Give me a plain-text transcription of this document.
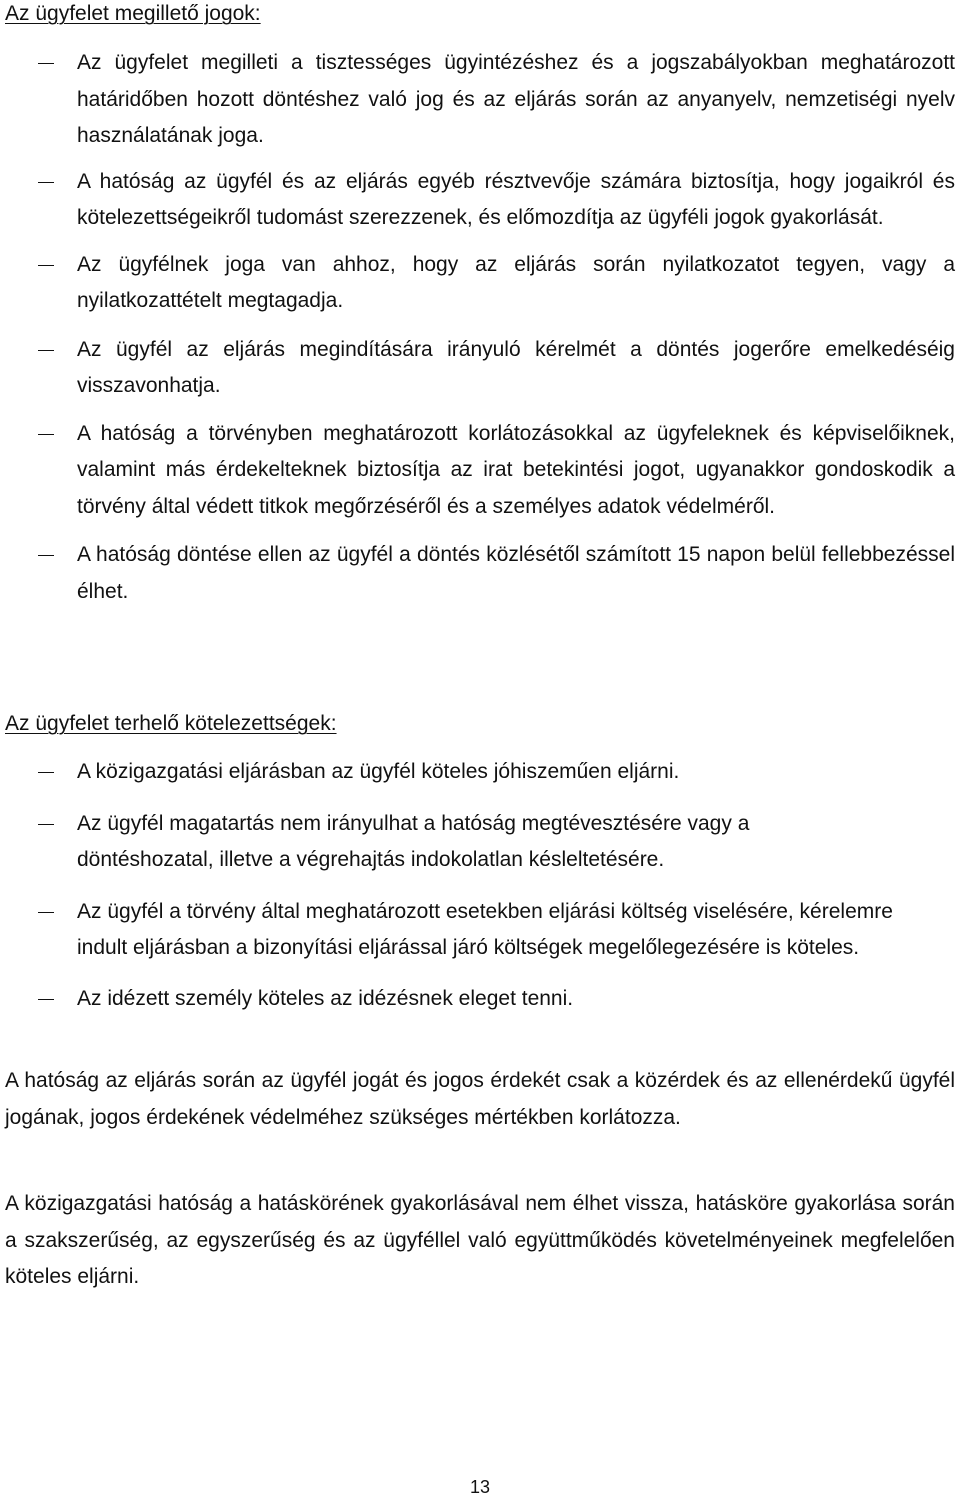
Az ügyfelet megillető jogok:
Az ügyfelet megilleti a tisztességes ügyintézéshez és a jogszabályokban meghatározott határidőben hozott döntéshez való jog és az eljárás során az anyanyelv, nemzetiségi nyelv használatának joga.
A hatóság az ügyfél és az eljárás egyéb résztvevője számára biztosítja, hogy jogaikról és kötelezettségeikről tudomást szerezzenek, és előmozdítja az ügyféli jogok gyakorlását.
Az ügyfélnek joga van ahhoz, hogy az eljárás során nyilatkozatot tegyen, vagy a nyilatkozattételt megtagadja.
Az ügyfél az eljárás megindítására irányuló kérelmét a döntés jogerőre emelkedéséig visszavonhatja.
A hatóság a törvényben meghatározott korlátozásokkal az ügyfeleknek és képviselőiknek, valamint más érdekelteknek biztosítja az irat betekintési jogot, ugyanakkor gondoskodik a törvény által védett titkok megőrzéséről és a személyes adatok védelméről.
A hatóság döntése ellen az ügyfél a döntés közlésétől számított 15 napon belül fellebbezéssel élhet.
Az ügyfelet terhelő kötelezettségek:
A közigazgatási eljárásban az ügyfél köteles jóhiszeműen eljárni.
Az ügyfél magatartás nem irányulhat a hatóság megtévesztésére vagy a döntéshozatal, illetve a végrehajtás indokolatlan késleltetésére.
Az ügyfél a törvény által meghatározott esetekben eljárási költség viselésére, kérelemre indult eljárásban a bizonyítási eljárással járó költségek megelőlegezésére is köteles.
Az idézett személy köteles az idézésnek eleget tenni.

A hatóság az eljárás során az ügyfél jogát és jogos érdekét csak a közérdek és az ellenérdekű ügyfél jogának, jogos érdekének védelméhez szükséges mértékben korlátozza.

A közigazgatási hatóság a hatáskörének gyakorlásával nem élhet vissza, hatásköre gyakorlása során a szakszerűség, az egyszerűség és az ügyféllel való együttműködés követelményeinek megfelelően köteles eljárni.

13
